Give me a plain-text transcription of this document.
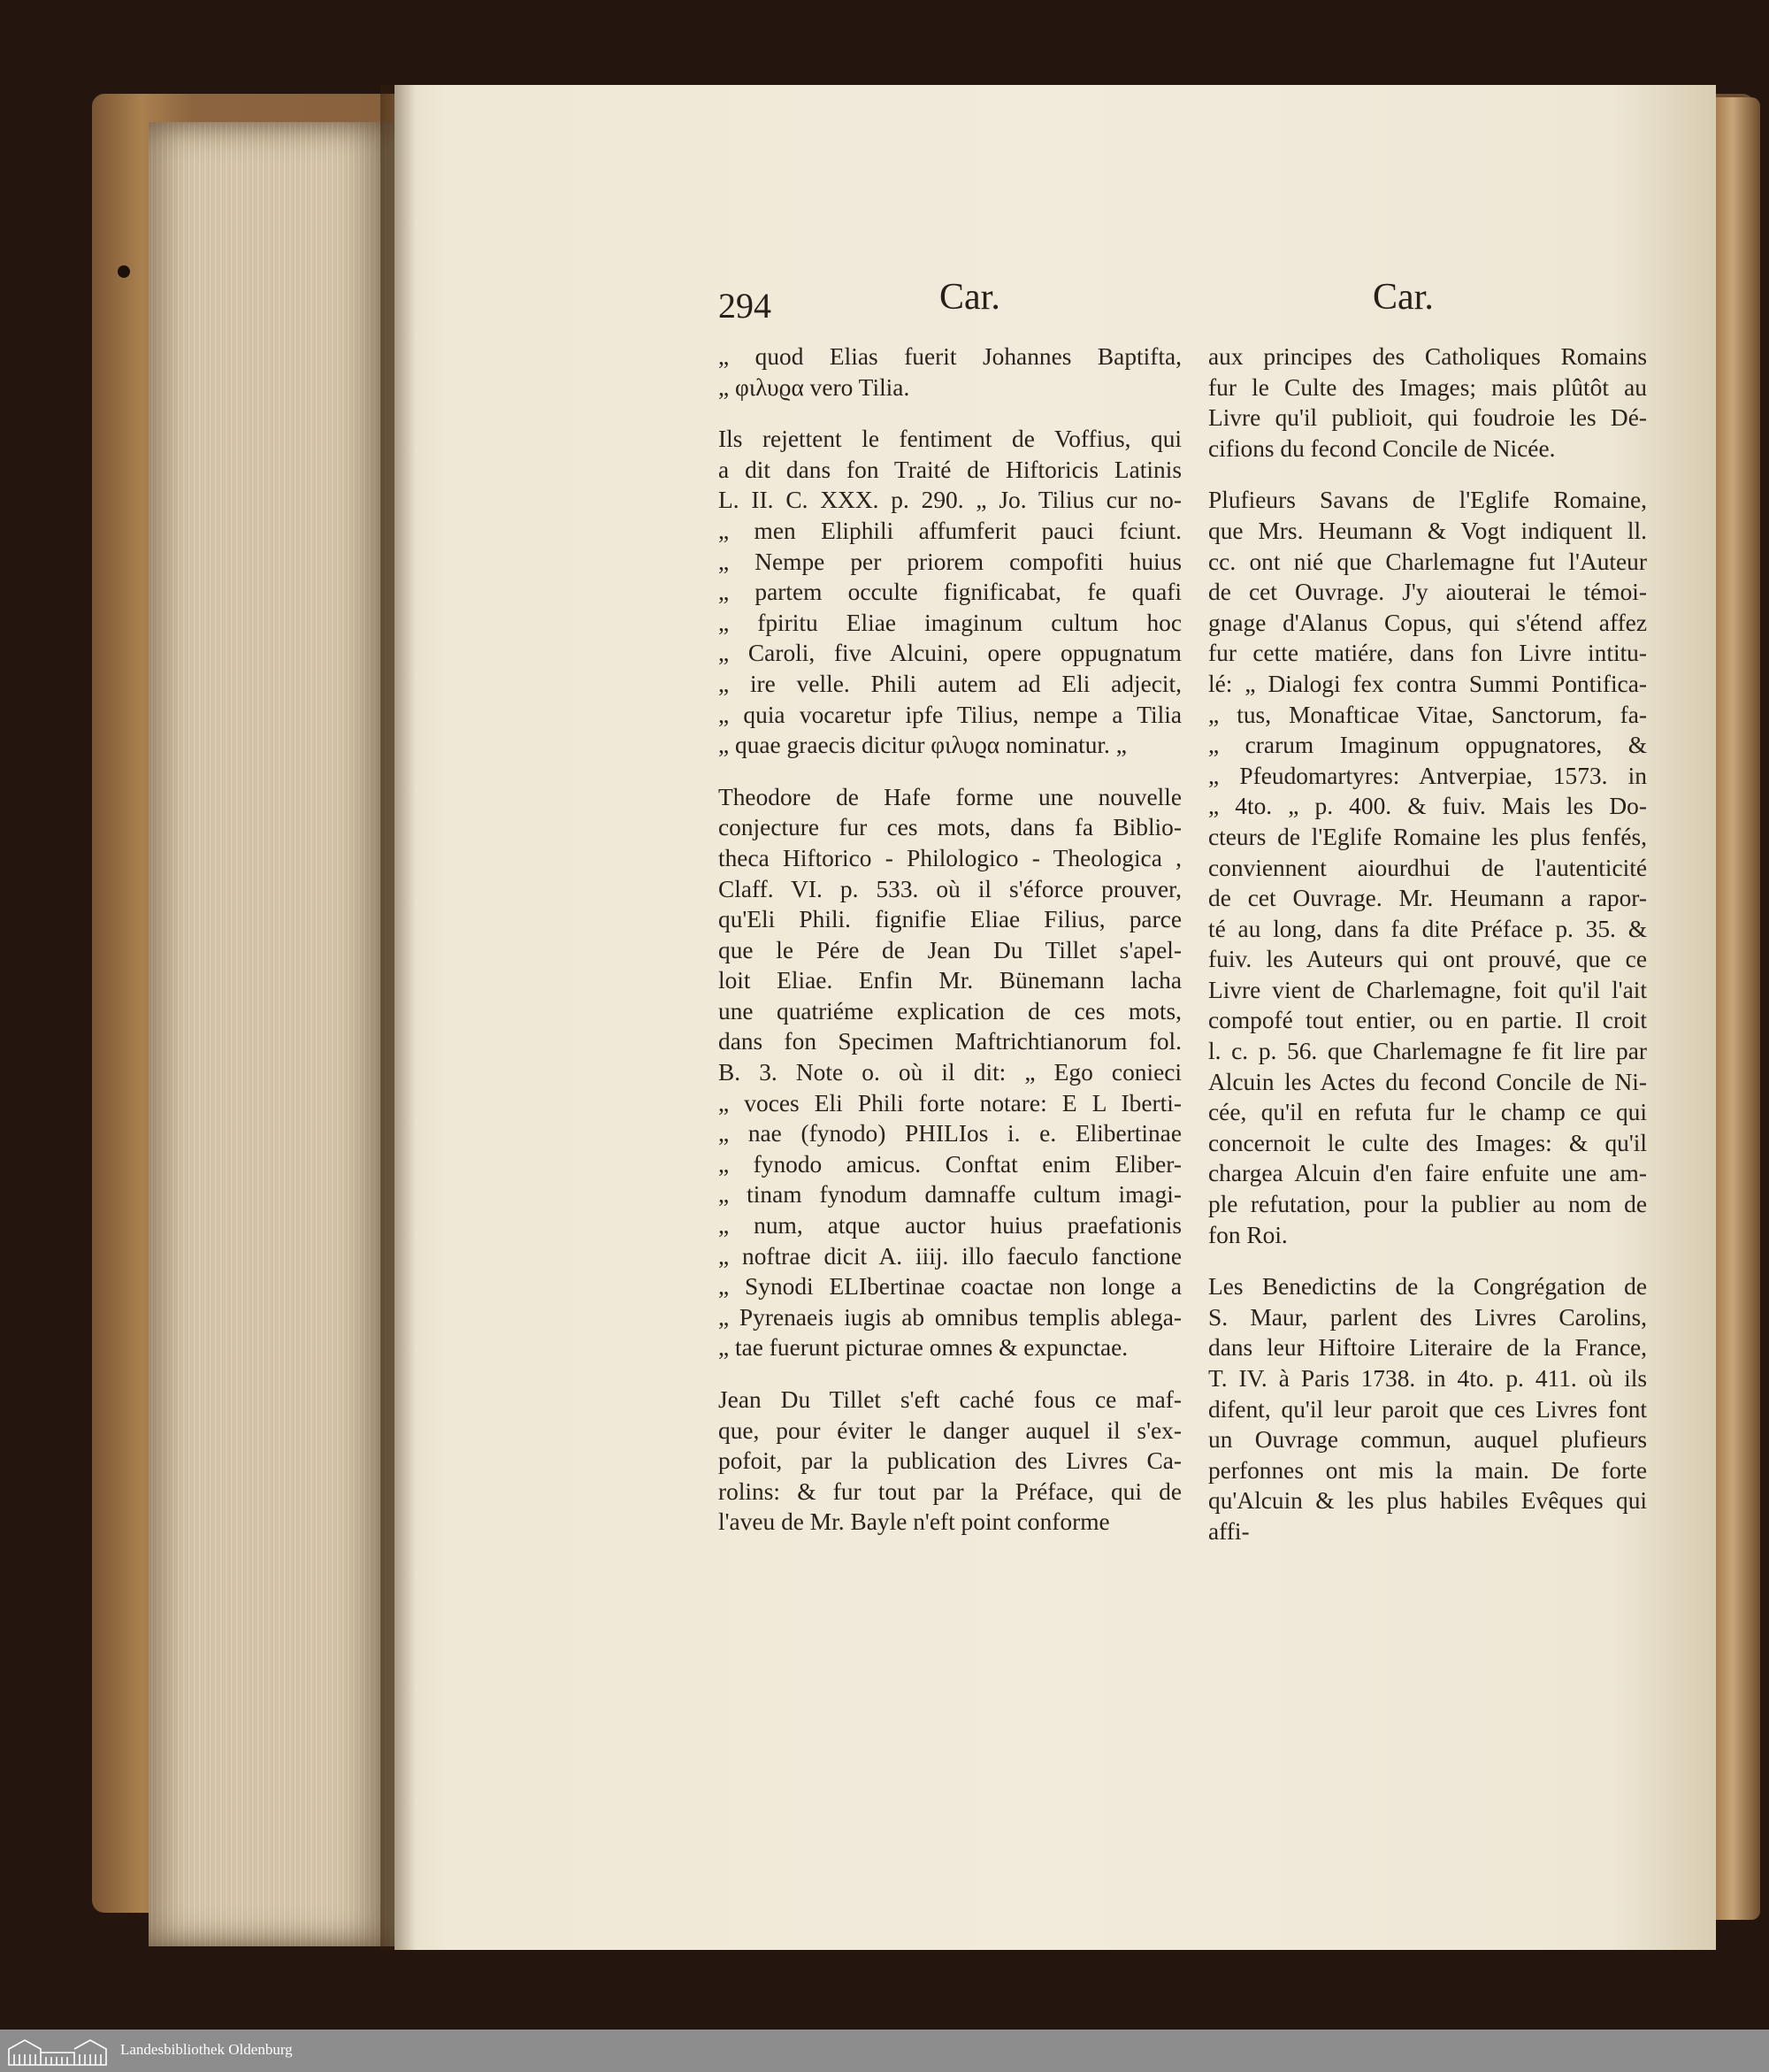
294	Car.	Car.
„ quod Elias fuerit Johannes Baptifta,
„ φιλυϱα vero Tilia.
Ils rejettent le fentiment de Voffius, qui
a dit dans fon Traité de Hiftoricis Latinis
L. II. C. XXX. p. 290. „ Jo. Tilius cur no-
„ men Eliphili affumferit pauci fciunt.
„ Nempe per priorem compofiti huius
„ partem occulte fignificabat, fe quafi
„ fpiritu Eliae imaginum cultum hoc
„ Caroli, five Alcuini, opere oppugnatum
„ ire velle. Phili autem ad Eli adjecit,
„ quia vocaretur ipfe Tilius, nempe a Tilia
„ quae graecis dicitur φιλυϱα nominatur. „
Theodore de Hafe forme une nouvelle
conjecture fur ces mots, dans fa Biblio-
theca Hiftorico - Philologico - Theologica ,
Claff. VI. p. 533. où il s'éforce prouver,
qu'Eli Phili. fignifie Eliae Filius, parce
que le Pére de Jean Du Tillet s'apel-
loit Eliae. Enfin Mr. Bünemann lacha
une quatriéme explication de ces mots,
dans fon Specimen Maftrichtianorum fol.
B. 3. Note o. où il dit: „ Ego conieci
„ voces Eli Phili forte notare: E L Iberti-
„ nae (fynodo) PHILIos i. e. Elibertinae
„ fynodo amicus. Conftat enim Eliber-
„ tinam fynodum damnaffe cultum imagi-
„ num, atque auctor huius praefationis
„ noftrae dicit A. iiij. illo faeculo fanctione
„ Synodi ELIbertinae coactae non longe a
„ Pyrenaeis iugis ab omnibus templis ablega-
„ tae fuerunt picturae omnes & expunctae.
Jean Du Tillet s'eft caché fous ce maf-
que, pour éviter le danger auquel il s'ex-
pofoit, par la publication des Livres Ca-
rolins: & fur tout par la Préface, qui de
l'aveu de Mr. Bayle n'eft point conforme
aux principes des Catholiques Romains
fur le Culte des Images; mais plûtôt au
Livre qu'il publioit, qui foudroie les Dé-
cifions du fecond Concile de Nicée.
Plufieurs Savans de l'Eglife Romaine,
que Mrs. Heumann & Vogt indiquent ll.
cc. ont nié que Charlemagne fut l'Auteur
de cet Ouvrage. J'y aiouterai le témoi-
gnage d'Alanus Copus, qui s'étend affez
fur cette matiére, dans fon Livre intitu-
lé: „ Dialogi fex contra Summi Pontifica-
„ tus, Monafticae Vitae, Sanctorum, fa-
„ crarum Imaginum oppugnatores, &
„ Pfeudomartyres: Antverpiae, 1573. in
„ 4to. „ p. 400. & fuiv. Mais les Do-
cteurs de l'Eglife Romaine les plus fenfés,
conviennent aiourdhui de l'autenticité
de cet Ouvrage. Mr. Heumann a rapor-
té au long, dans fa dite Préface p. 35. &
fuiv. les Auteurs qui ont prouvé, que ce
Livre vient de Charlemagne, foit qu'il l'ait
compofé tout entier, ou en partie. Il croit
l. c. p. 56. que Charlemagne fe fit lire par
Alcuin les Actes du fecond Concile de Ni-
cée, qu'il en refuta fur le champ ce qui
concernoit le culte des Images: & qu'il
chargea Alcuin d'en faire enfuite une am-
ple refutation, pour la publier au nom de
fon Roi.
Les Benedictins de la Congrégation de
S. Maur, parlent des Livres Carolins,
dans leur Hiftoire Literaire de la France,
T. IV. à Paris 1738. in 4to. p. 411. où ils
difent, qu'il leur paroit que ces Livres font
un Ouvrage commun, auquel plufieurs
perfonnes ont mis la main. De forte
qu'Alcuin & les plus habiles Evêques qui
affi-
Landesbibliothek Oldenburg
